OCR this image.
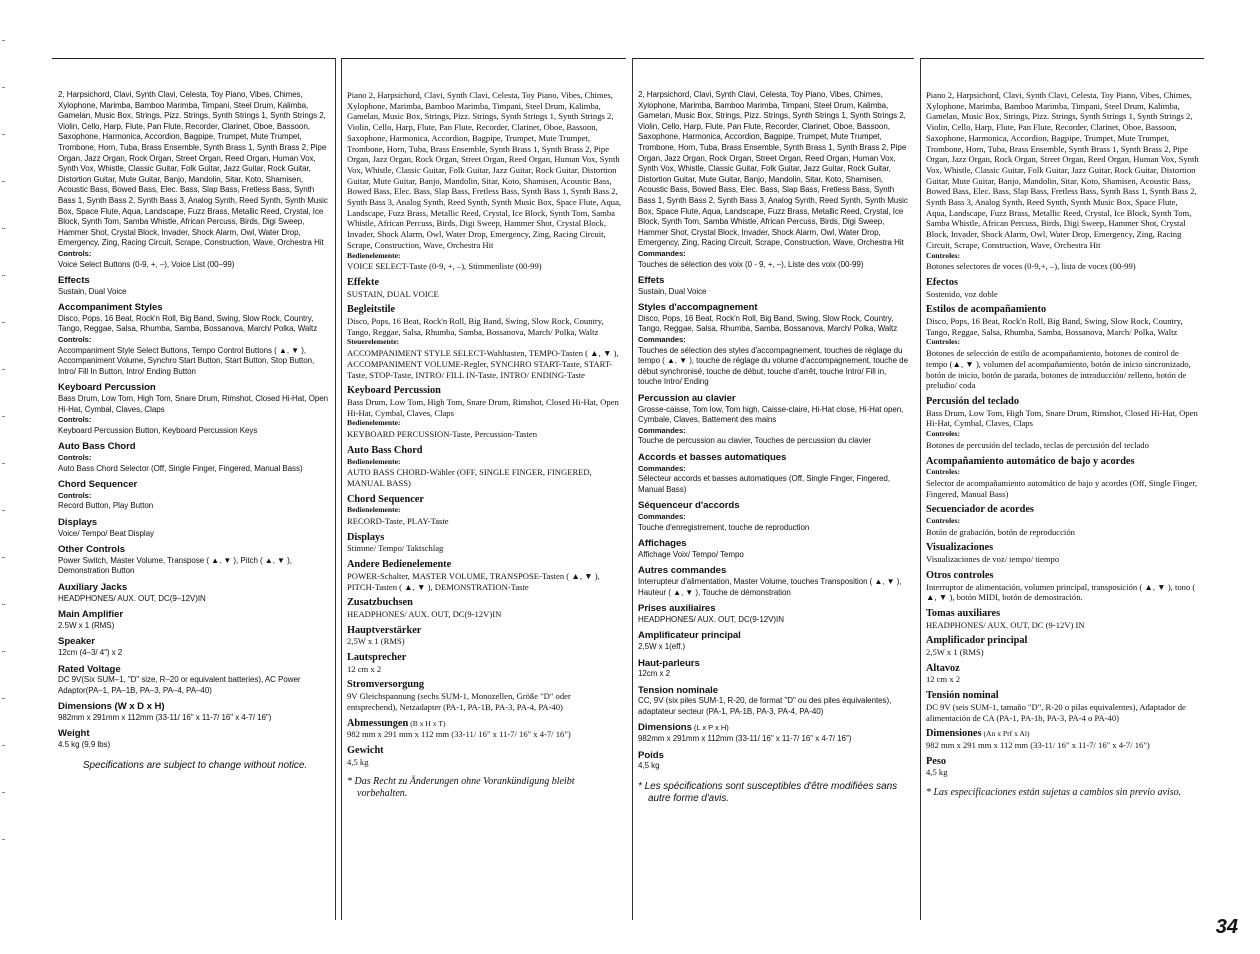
2, Harpsichord, Clavi, Synth Clavi, Celesta, Toy Piano, Vibes, Chimes, Xylophone, Marimba, Bamboo Marimba, Timpani, Steel Drum, Kalimba, Gamelan, Music Box, Strings, Pizz. Strings, Synth Strings 1, Synth Strings 2, Violin, Cello, Harp, Flute, Pan Flute, Recorder, Clarinet, Oboe, Bassoon, Saxophone, Harmonica, Accordion, Bagpipe, Trumpet, Mute Trumpet, Trombone, Horn, Tuba, Brass Ensemble, Synth Brass 1, Synth Brass 2, Pipe Organ, Jazz Organ, Rock Organ, Street Organ, Reed Organ, Human Vox, Synth Vox, Whistle, Classic Guitar, Folk Guitar, Jazz Guitar, Rock Guitar, Distortion Guitar, Mute Guitar, Banjo, Mandolin, Sitar, Koto, Shamisen, Acoustic Bass, Bowed Bass, Elec. Bass, Slap Bass, Fretless Bass, Synth Bass 1, Synth Bass 2, Synth Bass 3, Analog Synth, Reed Synth, Synth Music Box, Space Flute, Aqua, Landscape, Fuzz Brass, Metallic Reed, Crystal, Ice Block, Synth Tom, Samba Whistle, African Percuss, Birds, Digi Sweep, Hammer Shot, Crystal Block, Invader, Shock Alarm, Owl, Water Drop, Emergency, Zing, Racing Circuit, Scrape, Construction, Wave, Orchestra Hit

Controls:

Voice Select Buttons (0-9, +, –), Voice List (00–99)

Effects

Sustain, Dual Voice

Accompaniment Styles

Disco, Pops, 16 Beat, Rock'n Roll, Big Band, Swing, Slow Rock, Country, Tango, Reggae, Salsa, Rhumba, Samba, Bossanova, March/ Polka, Waltz

Controls:

Accompaniment Style Select Buttons, Tempo Control Buttons ( ▲, ▼ ), Accompaniment Volume, Synchro Start Button, Start Button, Stop Button, Intro/ Fill In Button, Intro/ Ending Button

Keyboard Percussion

Bass Drum, Low Tom, High Tom, Snare Drum, Rimshot, Closed Hi-Hat, Open Hi-Hat, Cymbal, Claves, Claps

Controls:

Keyboard Percussion Button, Keyboard Percussion Keys

Auto Bass Chord

Controls:

Auto Bass Chord Selector (Off, Single Finger, Fingered, Manual Bass)

Chord Sequencer

Controls:

Record Button, Play Button

Displays

Voice/ Tempo/ Beat Display

Other Controls

Power Switch, Master Volume, Transpose ( ▲, ▼ ), Pitch ( ▲, ▼ ), Demonstration Button

Auxiliary Jacks

HEADPHONES/ AUX. OUT, DC(9–12V)IN

Main Amplifier

2.5W x 1 (RMS)

Speaker

12cm (4–3/ 4") x 2

Rated Voltage

DC 9V(Six SUM–1, "D" size, R–20 or equivalent batteries), AC Power Adaptor(PA–1, PA–1B, PA–3, PA–4, PA–40)

Dimensions (W x D x H)

982mm x 291mm x 112mm (33-11/ 16" x 11-7/ 16" x 4-7/ 16")

Weight

4.5 kg (9.9 lbs)

Specifications are subject to change without notice.

Piano 2, Harpsichord, Clavi, Synth Clavi, Celesta, Toy Piano, Vibes, Chimes, Xylophone, Marimba, Bamboo Marimba, Timpani, Steel Drum, Kalimba, Gamelan, Music Box, Strings, Pizz. Strings, Synth Strings 1, Synth Strings 2, Violin, Cello, Harp, Flute, Pan Flute, Recorder, Clarinet, Oboe, Bassoon, Saxophone, Harmonica, Accordion, Bagpipe, Trumpet, Mute Trumpet, Trombone, Horn, Tuba, Brass Ensemble, Synth Brass 1, Synth Brass 2, Pipe Organ, Jazz Organ, Rock Organ, Street Organ, Reed Organ, Human Vox, Synth Vox, Whistle, Classic Guitar, Folk Guitar, Jazz Guitar, Rock Guitar, Distortion Guitar, Mute Guitar, Banjo, Mandolin, Sitar, Koto, Shamisen, Acoustic Bass, Bowed Bass, Elec. Bass, Slap Bass, Fretless Bass, Synth Bass 1, Synth Bass 2, Synth Bass 3, Analog Synth, Reed Synth, Synth Music Box, Space Flute, Aqua, Landscape, Fuzz Brass, Metallic Reed, Crystal, Ice Block, Synth Tom, Samba Whistle, African Percuss, Birds, Digi Sweep, Hammer Shot, Crystal Block, Invader, Shock Alarm, Owl, Water Drop, Emergency, Zing, Racing Circuit, Scrape, Construction, Wave, Orchestra Hit

Bedienelemente:

VOICE SELECT-Taste (0-9, +, –), Stimmenliste (00-99)

Effekte

SUSTAIN, DUAL VOICE

Begleitstile

Disco, Pops, 16 Beat, Rock'n Roll, Big Band, Swing, Slow Rock, Country, Tango, Reggae, Salsa, Rhumba, Samba, Bossanova, March/ Polka, Waltz

Steuerelemente:

ACCOMPANIMENT STYLE SELECT-Wahltasten, TEMPO-Tasten ( ▲, ▼ ), ACCOMPANIMENT VOLUME-Regler, SYNCHRO START-Taste, START-Taste, STOP-Taste, INTRO/ FILL IN-Taste, INTRO/ ENDING-Taste

Keyboard Percussion

Bass Drum, Low Tom, High Tom, Snare Drum, Rimshot, Closed Hi-Hat, Open Hi-Hat, Cymbal, Claves, Claps

Bedienelemente:

KEYBOARD PERCUSSION-Taste, Percussion-Tasten

Auto Bass Chord

Bedienelemente:

AUTO BASS CHORD-Wähler (OFF, SINGLE FINGER, FINGERED, MANUAL BASS)

Chord Sequencer

Bedienelemente:

RECORD-Taste, PLAY-Taste

Displays

Stimme/ Tempo/ Taktschlag

Andere Bedienelemente

POWER-Schalter, MASTER VOLUME, TRANSPOSE-Tasten ( ▲, ▼ ), PITCH-Tasten ( ▲, ▼ ), DEMONSTRATION-Taste

Zusatzbuchsen

HEADPHONES/ AUX. OUT, DC(9-12V)IN

Hauptverstärker

2,5W x 1 (RMS)

Lautsprecher

12 cm x 2

Stromversorgung

9V Gleichspannung (sechs SUM-1, Monozellen, Größe "D" oder entsprechend), Netzadapter (PA-1, PA-1B, PA-3, PA-4, PA-40)

Abmessungen (B x H x T)

982 mm x 291 mm x 112 mm (33-11/ 16" x 11-7/ 16" x 4-7/ 16")

Gewicht

4,5 kg

* Das Recht zu Änderungen ohne Vorankündigung bleibt vorbehalten.

2, Harpsichord, Clavi, Synth Clavi, Celesta, Toy Piano, Vibes, Chimes, Xylophone, Marimba, Bamboo Marimba, Timpani, Steel Drum, Kalimba, Gamelan, Music Box, Strings, Pizz. Strings, Synth Strings 1, Synth Strings 2, Violin, Cello, Harp, Flute, Pan Flute, Recorder, Clarinet, Oboe, Bassoon, Saxophone, Harmonica, Accordion, Bagpipe, Trumpet, Mute Trumpet, Trombone, Horn, Tuba, Brass Ensemble, Synth Brass 1, Synth Brass 2, Pipe Organ, Jazz Organ, Rock Organ, Street Organ, Reed Organ, Human Vox, Synth Vox, Whistle, Classic Guitar, Folk Guitar, Jazz Guitar, Rock Guitar, Distortion Guitar, Mute Guitar, Banjo, Mandolin, Sitar, Koto, Shamisen, Acoustic Bass, Bowed Bass, Elec. Bass, Slap Bass, Fretless Bass, Synth Bass 1, Synth Bass 2, Synth Bass 3, Analog Synth, Reed Synth, Synth Music Box, Space Flute, Aqua, Landscape, Fuzz Brass, Metallic Reed, Crystal, Ice Block, Synth Tom, Samba Whistle, African Percuss, Birds, Digi Sweep, Hammer Shot, Crystal Block, Invader, Shock Alarm, Owl, Water Drop, Emergency, Zing, Racing Circuit, Scrape, Construction, Wave, Orchestra Hit

Commandes:

Touches de sélection des voix (0 - 9, +, –), Liste des voix (00-99)

Effets

Sustain, Dual Voice

Styles d'accompagnement

Disco, Pops, 16 Beat, Rock'n Roll, Big Band, Swing, Slow Rock, Country, Tango, Reggae, Salsa, Rhumba, Samba, Bossanova, March/ Polka, Waltz

Commandes:

Touches de sélection des styles d'accompagnement, touches de réglage du tempo ( ▲, ▼ ), touche de réglage du volume d'accompagnement, touche de début synchronisé, touche de début, touche d'arrêt, touche Intro/ Fill in, touche Intro/ Ending

Percussion au clavier

Grosse-caisse, Tom low, Tom high, Caisse-claire, Hi-Hat close, Hi-Hat open, Cymbale, Claves, Battement des mains

Commandes:

Touche de percussion au clavier, Touches de percussion du clavier

Accords et basses automatiques

Commandes:

Sélecteur accords et basses automatiques (Off, Single Finger, Fingered, Manual Bass)

Séquenceur d'accords

Commandes:

Touche d'enregistrement, touche de reproduction

Affichages

Affichage Voix/ Tempo/ Tempo

Autres commandes

Interrupteur d'alimentation, Master Volume, touches Transposition ( ▲, ▼ ), Hauteur ( ▲, ▼ ), Touche de démonstration

Prises auxiliaires

HEADPHONES/ AUX. OUT, DC(9-12V)IN

Amplificateur principal

2,5W x 1(eff.)

Haut-parleurs

12cm x 2

Tension nominale

CC, 9V (six piles SUM-1, R-20, de format "D" ou des piles équivalentes), adaptateur secteur (PA-1, PA-1B, PA-3, PA-4, PA-40)

Dimensions (L x P x H)

982mm x 291mm x 112mm (33-11/ 16" x 11-7/ 16" x 4-7/ 16")

Poids

4,5 kg

* Les spécifications sont susceptibles d'être modifiées sans autre forme d'avis.

Piano 2, Harpsichord, Clavi, Synth Clavi, Celesta, Toy Piano, Vibes, Chimes, Xylophone, Marimba, Bamboo Marimba, Timpani, Steel Drum, Kalimba, Gamelan, Music Box, Strings, Pizz. Strings, Synth Strings 1, Synth Strings 2, Violin, Cello, Harp, Flute, Pan Flute, Recorder, Clarinet, Oboe, Bassoon, Saxophone, Harmonica, Accordion, Bagpipe, Trumpet, Mute Trumpet, Trombone, Horn, Tuba, Brass Ensemble, Synth Brass 1, Synth Brass 2, Pipe Organ, Jazz Organ, Rock Organ, Street Organ, Reed Organ, Human Vox, Synth Vox, Whistle, Classic Guitar, Folk Guitar, Jazz Guitar, Rock Guitar, Distortion Guitar, Mute Guitar, Banjo, Mandolin, Sitar, Koto, Shamisen, Acoustic Bass, Bowed Bass, Elec. Bass, Slap Bass, Fretless Bass, Synth Bass 1, Synth Bass 2, Synth Bass 3, Analog Synth, Reed Synth, Synth Music Box, Space Flute, Aqua, Landscape, Fuzz Brass, Metallic Reed, Crystal, Ice Block, Synth Tom, Samba Whistle, African Percuss, Birds, Digi Sweep, Hammer Shot, Crystal Block, Invader, Shock Alarm, Owl, Water Drop, Emergency, Zing, Racing Circuit, Scrape, Construction, Wave, Orchestra Hit

Controles:

Botones selectores de voces (0-9,+, –), lista de voces (00-99)

Efectos

Sostenido, voz doble

Estilos de acompañamiento

Disco, Pops, 16 Beat, Rock'n Roll, Big Band, Swing, Slow Rock, Country, Tango, Reggae, Salsa, Rhumba, Samba, Bossanova, March/ Polka, Waltz

Controles:

Botones de selección de estilo de acompañamiento, botones de control de tempo (▲, ▼ ), volumen del acompañamiento, botón de inicio sincronizado, botón de inicio, botón de parada, botones de introducción/ relleno, botón de preludio/ coda

Percusión del teclado

Bass Drum, Low Tom, High Tom, Snare Drum, Rimshot, Closed Hi-Hat, Open Hi-Hat, Cymbal, Claves, Claps

Controles:

Botones de percusión del teclado, teclas de percusión del teclado

Acompañamiento automático de bajo y acordes

Controles:

Selector de acompañamiento automático de bajo y acordes (Off, Single Finger, Fingered, Manual Bass)

Secuenciador de acordes

Controles:

Botón de grabación, botón de reproducción

Visualizaciones

Visualizaciones de voz/ tempo/ tiempo

Otros controles

Interruptor de alimentación, volumen principal, transposición ( ▲, ▼ ), tono ( ▲, ▼ ), botón MIDI, botón de demostración.

Tomas auxiliares

HEADPHONES/ AUX. OUT, DC (9-12V) IN

Amplificador principal

2,5W x 1 (RMS)

Altavoz

12 cm x 2

Tensión nominal

DC 9V (seis SUM-1, tamaño "D", R-20 o pilas equivalentes), Adaptador de alimentación de CA (PA-1, PA-1b, PA-3, PA-4 o PA-40)

Dimensiones (An x Prf x Al)

982 mm x 291 mm x 112 mm (33-11/ 16" x 11-7/ 16" x 4-7/ 16")

Peso

4,5 kg

* Las especificaciones están sujetas a cambios sin previo aviso.
34
